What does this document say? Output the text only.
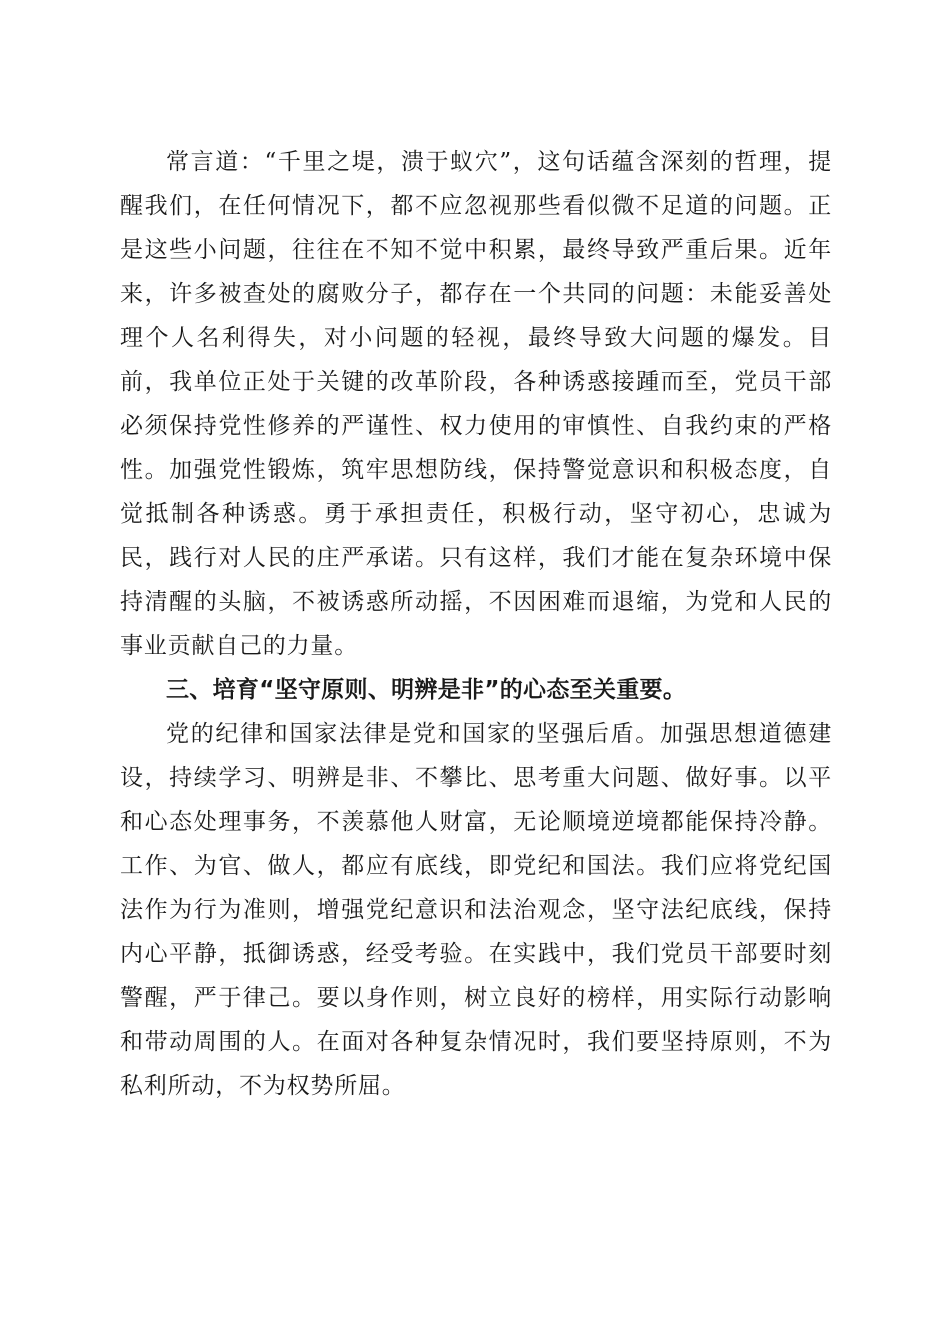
常言道：“千里之堤，溃于蚁穴”，这句话蕴含深刻的哲理，提醒我们，在任何情况下，都不应忽视那些看似微不足道的问题。正是这些小问题，往往在不知不觉中积累，最终导致严重后果。近年来，许多被查处的腐败分子，都存在一个共同的问题：未能妥善处理个人名利得失，对小问题的轻视，最终导致大问题的爆发。目前，我单位正处于关键的改革阶段，各种诱惑接踵而至，党员干部必须保持党性修养的严谨性、权力使用的审慎性、自我约束的严格性。加强党性锻炼，筑牢思想防线，保持警觉意识和积极态度，自觉抵制各种诱惑。勇于承担责任，积极行动，坚守初心，忠诚为民，践行对人民的庄严承诺。只有这样，我们才能在复杂环境中保持清醒的头脑，不被诱惑所动摇，不因困难而退缩，为党和人民的事业贡献自己的力量。

三、培育“坚守原则、明辨是非”的心态至关重要。

党的纪律和国家法律是党和国家的坚强后盾。加强思想道德建设，持续学习、明辨是非、不攀比、思考重大问题、做好事。以平和心态处理事务，不羡慕他人财富，无论顺境逆境都能保持冷静。工作、为官、做人，都应有底线，即党纪和国法。我们应将党纪国法作为行为准则，增强党纪意识和法治观念，坚守法纪底线，保持内心平静，抵御诱惑，经受考验。在实践中，我们党员干部要时刻警醒，严于律己。要以身作则，树立良好的榜样，用实际行动影响和带动周围的人。在面对各种复杂情况时，我们要坚持原则，不为私利所动，不为权势所屈。
